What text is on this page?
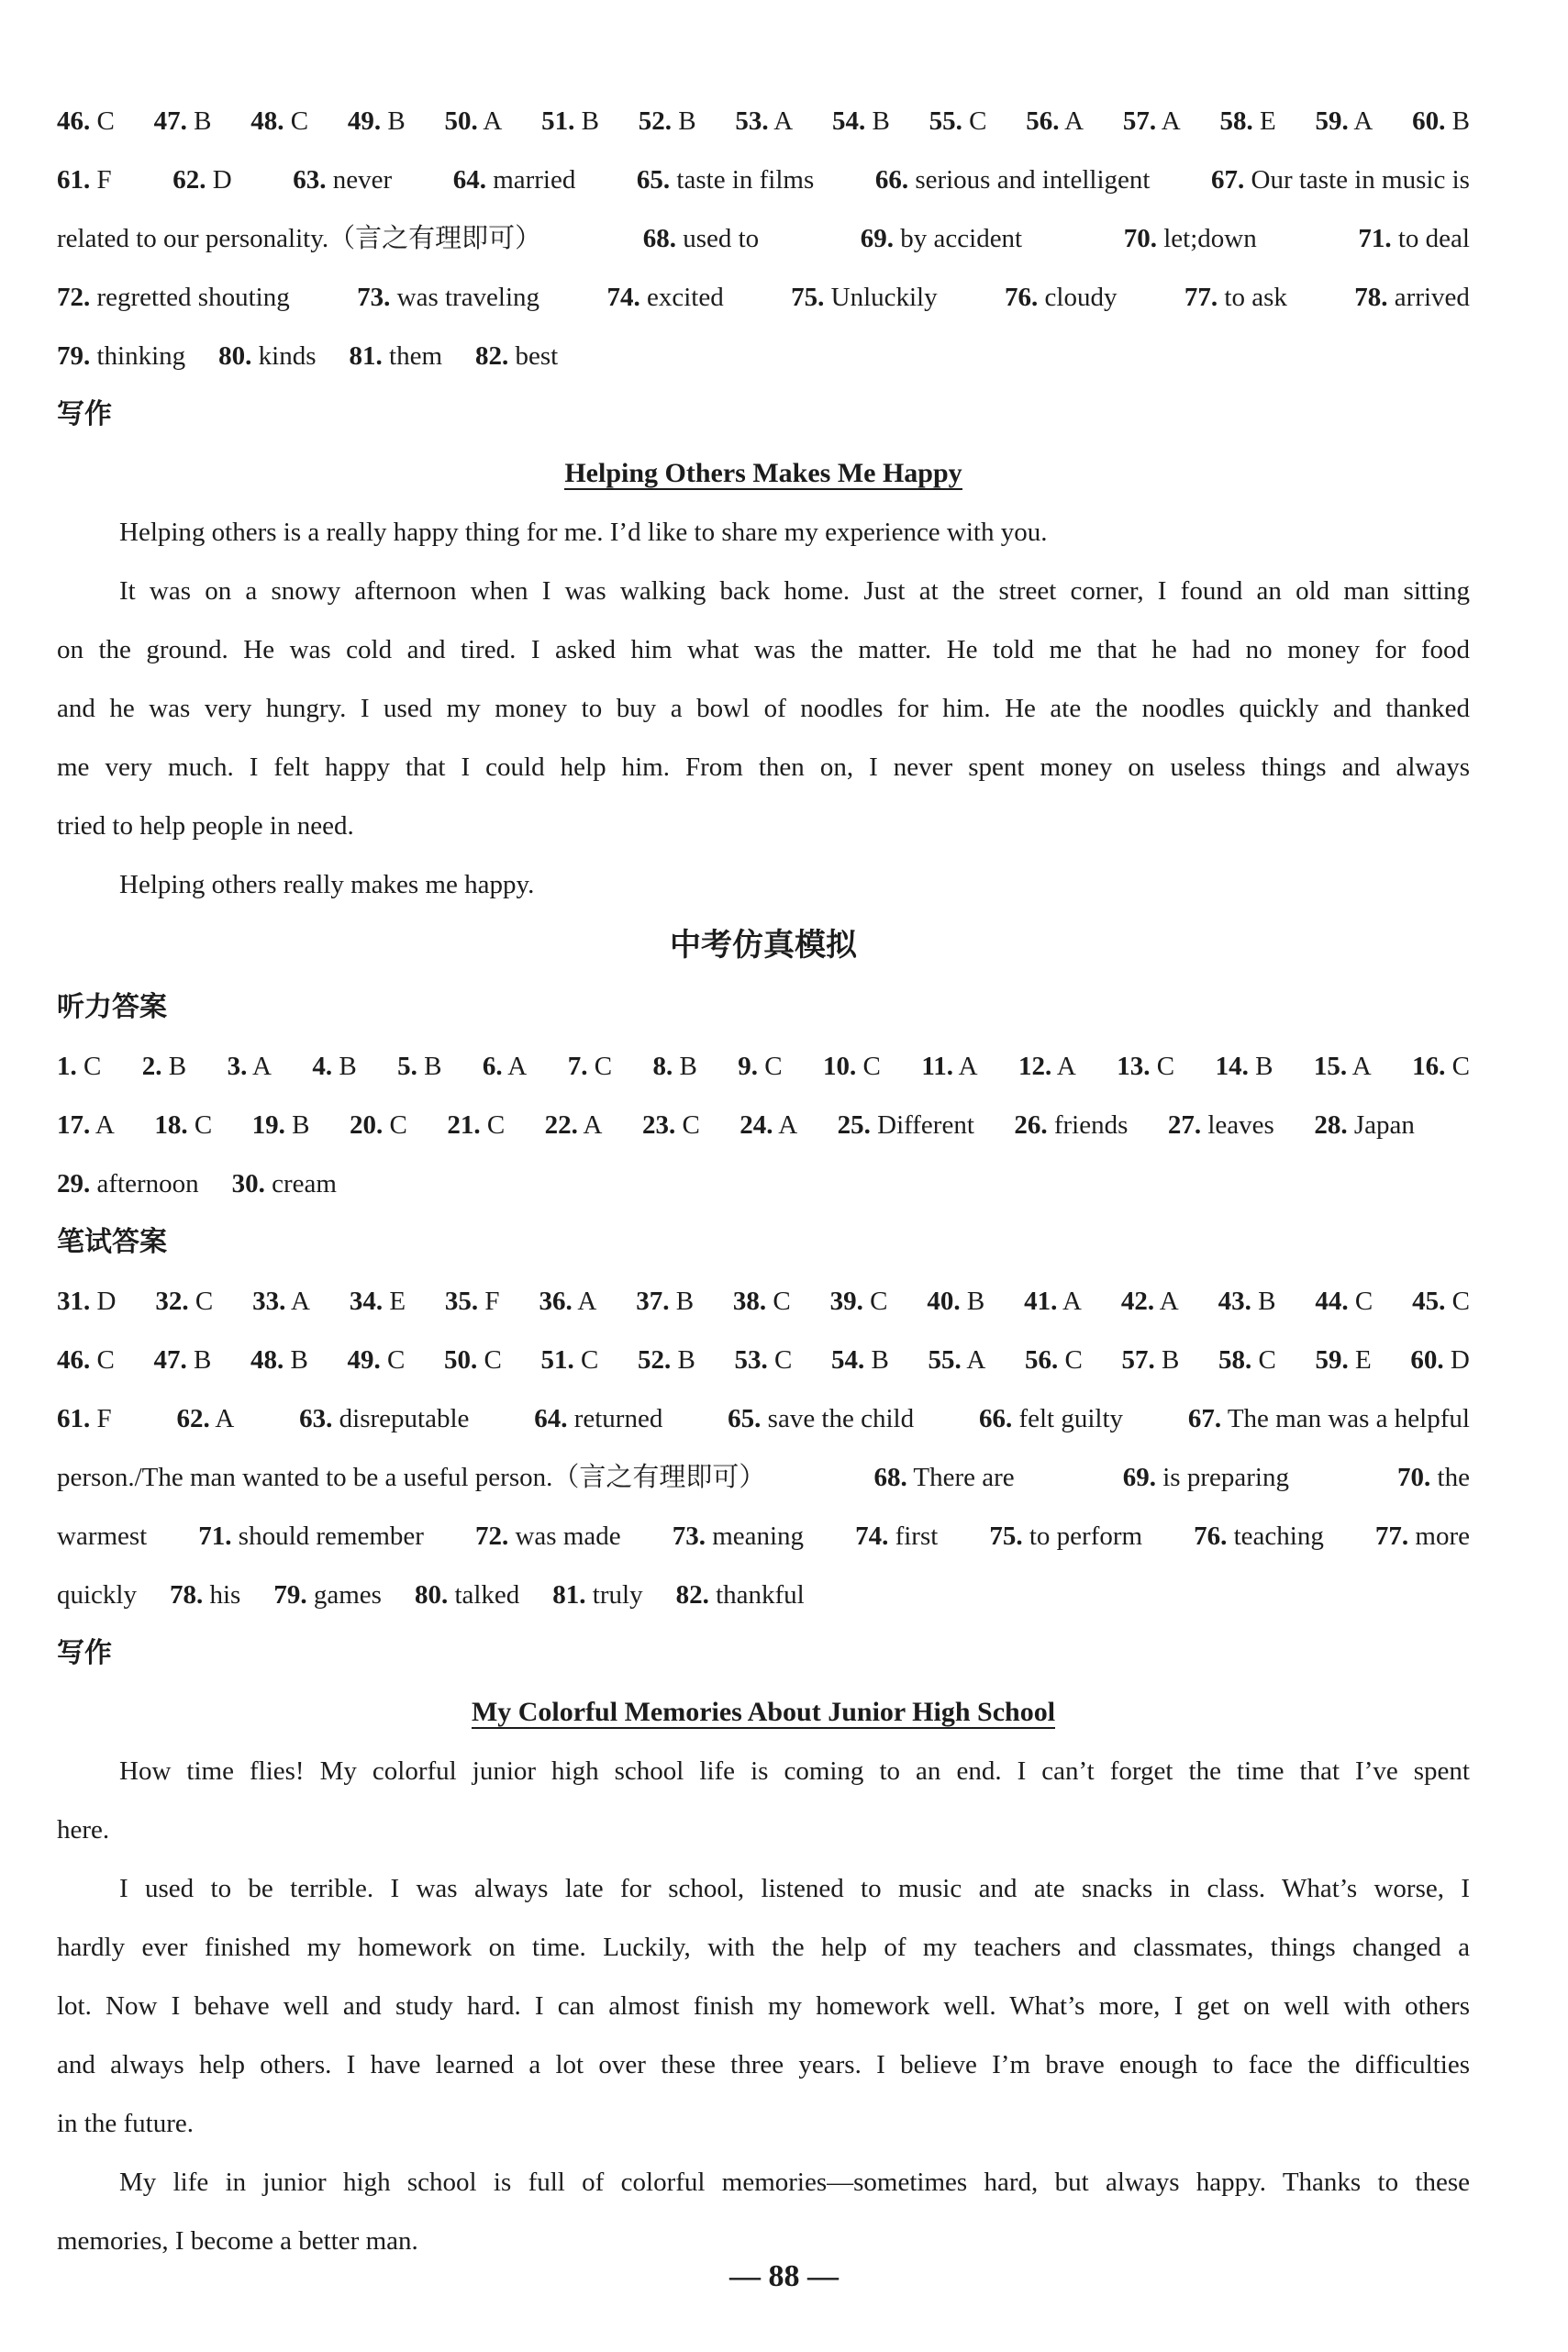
46. C 47. B 48. C 49. B 50. A 51. B 52. B 53. A 54. B 55. C 56. A 57. A 58. E 59. A 60. B
61. F 62. D 63. never 64. married 65. taste in films 66. serious and intelligent 67. Our taste in music is
related to our personality.（言之有理即可）	68. used to	69. by accident	70. let;down	71. to deal
72. regretted shouting	73. was traveling	74. excited	75. Unluckily	76. cloudy	77. to ask	78. arrived
79. thinking 80. kinds 81. them 82. best
写作
Helping Others Makes Me Happy
Helping others is a really happy thing for me. I’d like to share my experience with you.
It was on a snowy afternoon when I was walking back home. Just at the street corner, I found an old man sitting
on the ground. He was cold and tired. I asked him what was the matter. He told me that he had no money for food
and he was very hungry. I used my money to buy a bowl of noodles for him. He ate the noodles quickly and thanked
me very much. I felt happy that I could help him. From then on, I never spent money on useless things and always
tried to help people in need.
Helping others really makes me happy.
中考仿真模拟
听力答案
1. C 2. B 3. A 4. B 5. B 6. A 7. C 8. B 9. C 10. C 11. A 12. A 13. C 14. B 15. A 16. C
17. A 18. C 19. B 20. C 21. C 22. A 23. C 24. A 25. Different 26. friends 27. leaves 28. Japan
29. afternoon 30. cream
笔试答案
31. D 32. C 33. A 34. E 35. F 36. A 37. B 38. C 39. C 40. B 41. A 42. A 43. B 44. C 45. C
46. C 47. B 48. B 49. C 50. C 51. C 52. B 53. C 54. B 55. A 56. C 57. B 58. C 59. E 60. D
61. F 62. A 63. disreputable 64. returned 65. save the child 66. felt guilty 67. The man was a helpful
person./The man wanted to be a useful person.（言之有理即可）	68. There are	69. is preparing	70. the
warmest 71. should remember 72. was made 73. meaning 74. first 75. to perform 76. teaching 77. more
quickly 78. his 79. games 80. talked 81. truly 82. thankful
写作
My Colorful Memories About Junior High School
How time flies! My colorful junior high school life is coming to an end. I can’t forget the time that I’ve spent
here.
I used to be terrible. I was always late for school, listened to music and ate snacks in class. What’s worse, I
hardly ever finished my homework on time. Luckily, with the help of my teachers and classmates, things changed a
lot. Now I behave well and study hard. I can almost finish my homework well. What’s more, I get on well with others
and always help others. I have learned a lot over these three years. I believe I’m brave enough to face the difficulties
in the future.
My life in junior high school is full of colorful memories—sometimes hard, but always happy. Thanks to these
memories, I become a better man.
— 88 —
